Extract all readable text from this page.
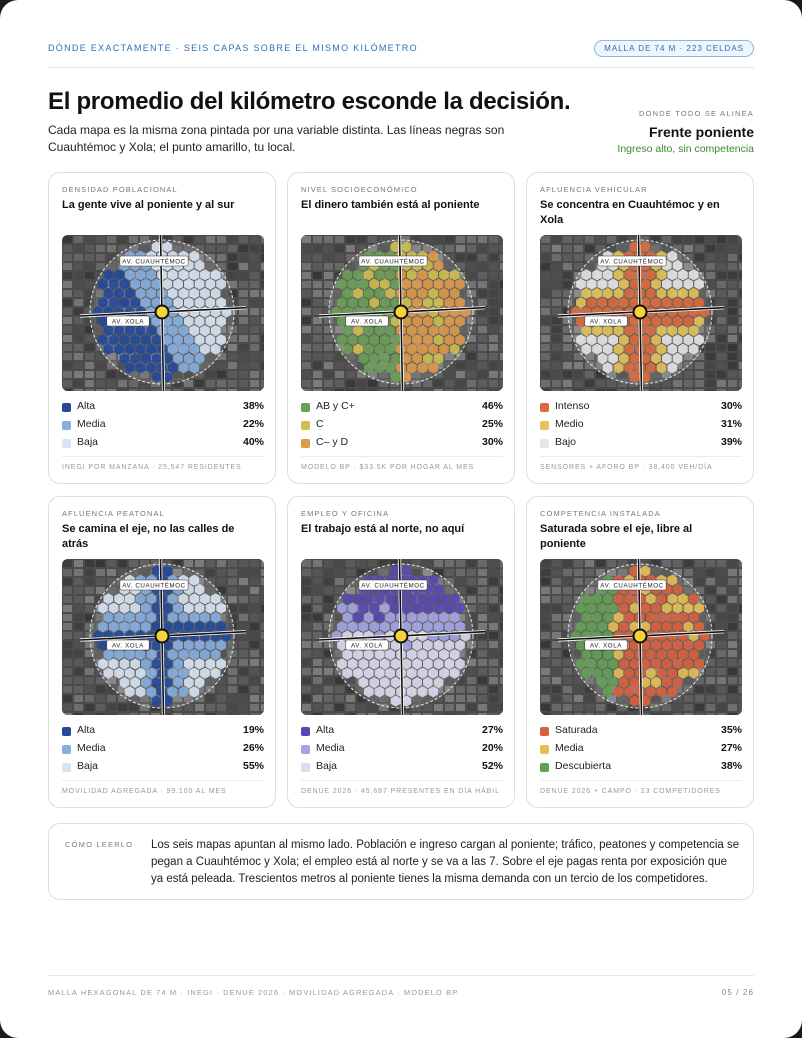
DÓNDE EXACTAMENTE · SEIS CAPAS SOBRE EL MISMO KILÓMETRO	MALLA DE 74 M · 223 CELDAS
El promedio del kilómetro esconde la decisión.
Cada mapa es la misma zona pintada por una variable distinta. Las líneas negras son Cuauhtémoc y Xola; el punto amarillo, tu local.
DONDE TODO SE ALINEA
Frente poniente
Ingreso alto, sin competencia
DENSIDAD POBLACIONAL
La gente vive al poniente y al sur
AV. CUAUHTÉMOC
AV. XOLA
Alta	38%
Media	22%
Baja	40%
INEGI POR MANZANA · 25,547 RESIDENTES
NIVEL SOCIOECONÓMICO
El dinero también está al poniente
AV. CUAUHTÉMOC
AV. XOLA
AB y C+	46%
C	25%
C– y D	30%
MODELO BP · $33.5K POR HOGAR AL MES
AFLUENCIA VEHICULAR
Se concentra en Cuauhtémoc y en Xola
AV. CUAUHTÉMOC
AV. XOLA
Intenso	30%
Medio	31%
Bajo	39%
SENSORES + AFORO BP · 38,400 VEH/DÍA
AFLUENCIA PEATONAL
Se camina el eje, no las calles de atrás
AV. CUAUHTÉMOC
AV. XOLA
Alta	19%
Media	26%
Baja	55%
MOVILIDAD AGREGADA · 99,100 AL MES
EMPLEO Y OFICINA
El trabajo está al norte, no aquí
AV. CUAUHTÉMOC
AV. XOLA
Alta	27%
Media	20%
Baja	52%
DENUE 2026 · 45,687 PRESENTES EN DÍA HÁBIL
COMPETENCIA INSTALADA
Saturada sobre el eje, libre al poniente
AV. CUAUHTÉMOC
AV. XOLA
Saturada	35%
Media	27%
Descubierta	38%
DENUE 2026 + CAMPO · 23 COMPETIDORES
CÓMO LEERLO Los seis mapas apuntan al mismo lado. Población e ingreso cargan al poniente; tráfico, peatones y competencia se pegan a Cuauhtémoc y Xola; el empleo está al norte y se va a las 7. Sobre el eje pagas renta por exposición que ya está peleada. Trescientos metros al poniente tienes la misma demanda con un tercio de los competidores.
MALLA HEXAGONAL DE 74 M · INEGI · DENUE 2026 · MOVILIDAD AGREGADA · MODELO BP	05 / 26
